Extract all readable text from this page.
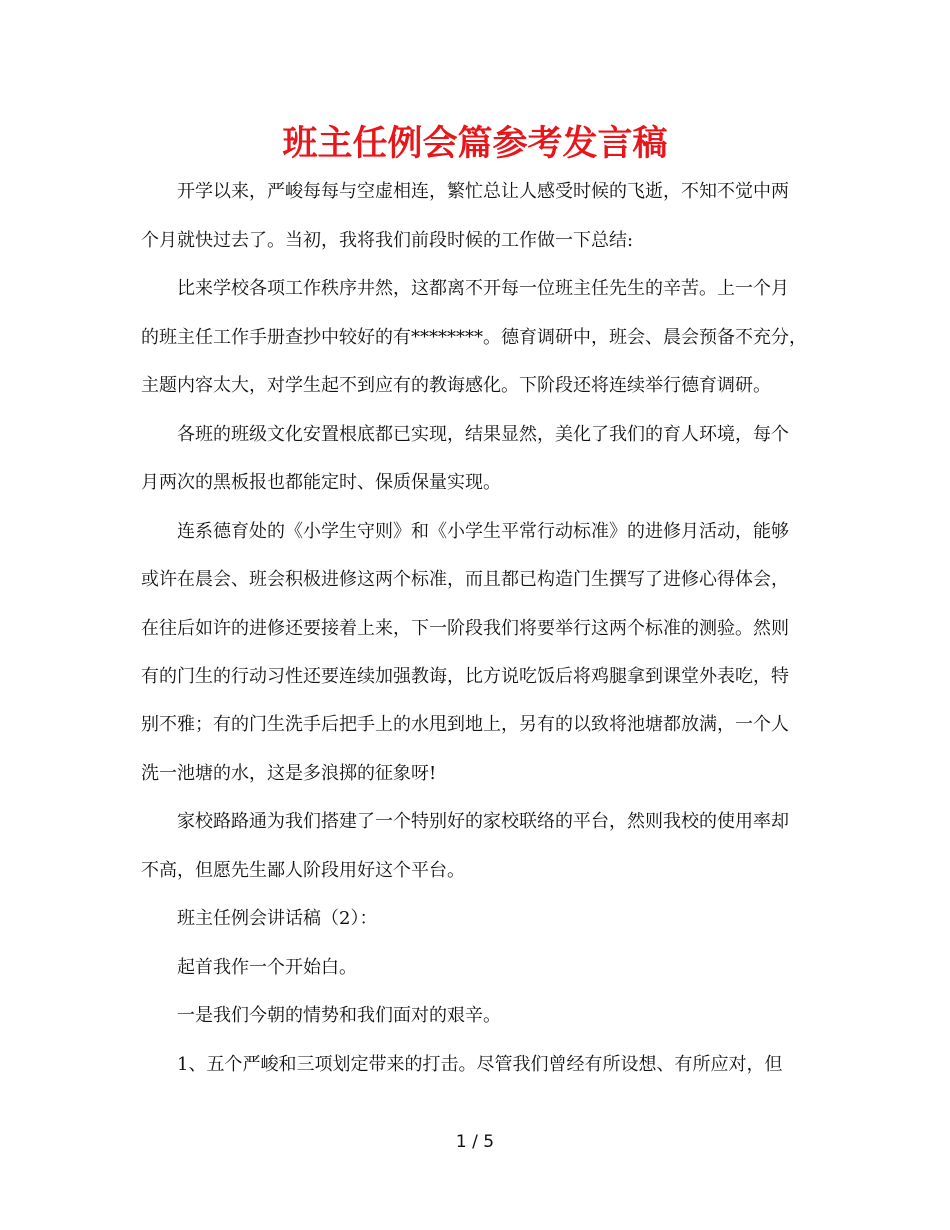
班主任例会篇参考发言稿

开学以来，严峻每每与空虚相连，繁忙总让人感受时候的飞逝，不知不觉中两

个月就快过去了。当初，我将我们前段时候的工作做一下总结:

比来学校各项工作秩序井然，这都离不开每一位班主任先生的辛苦。上一个月

的班主任工作手册查抄中较好的有********。德育调研中，班会、晨会预备不充分，

主题内容太大，对学生起不到应有的教诲感化。下阶段还将连续举行德育调研。

各班的班级文化安置根底都已实现，结果显然，美化了我们的育人环境，每个

月两次的黑板报也都能定时、保质保量实现。

连系德育处的《小学生守则》和《小学生平常行动标准》的进修月活动，能够

或许在晨会、班会积极进修这两个标准，而且都已构造门生撰写了进修心得体会，

在往后如许的进修还要接着上来，下一阶段我们将要举行这两个标准的测验。然则

有的门生的行动习性还要连续加强教诲，比方说吃饭后将鸡腿拿到课堂外表吃，特

别不雅；有的门生洗手后把手上的水甩到地上，另有的以致将池塘都放满，一个人

洗一池塘的水，这是多浪掷的征象呀!

家校路路通为我们搭建了一个特别好的家校联络的平台，然则我校的使用率却

不高，但愿先生鄙人阶段用好这个平台。

班主任例会讲话稿（2）：

起首我作一个开始白。

一是我们今朝的情势和我们面对的艰辛。

1、五个严峻和三项划定带来的打击。尽管我们曾经有所设想、有所应对，但

1 / 5
